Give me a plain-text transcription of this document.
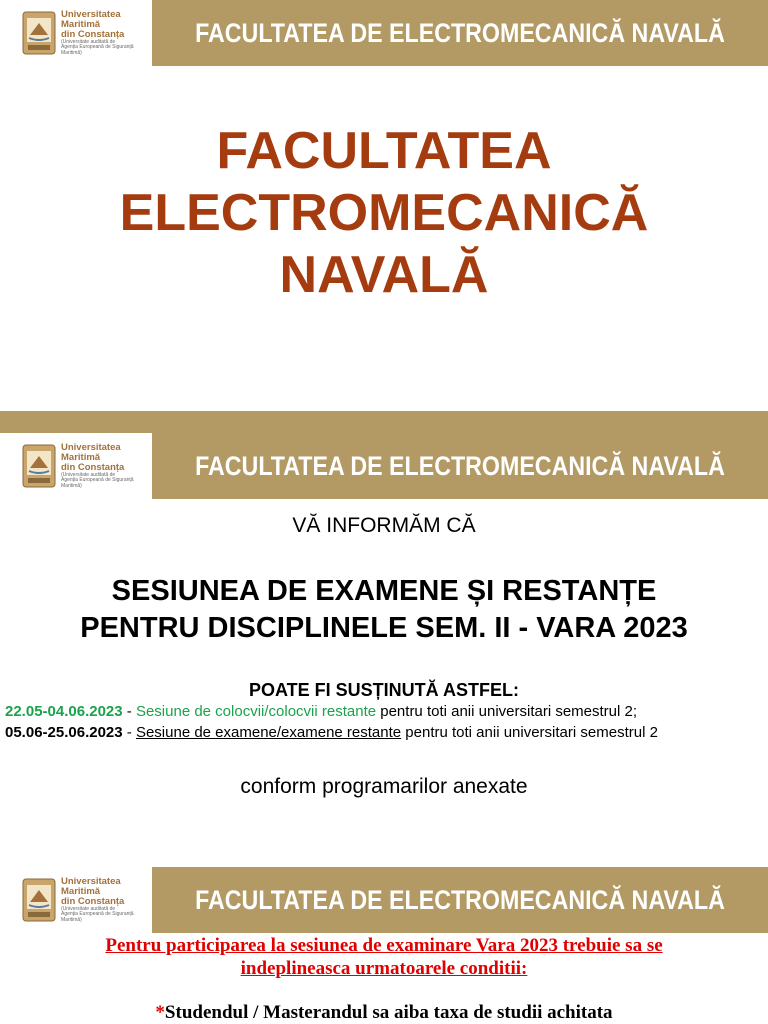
Universitatea Maritimă
din Constanța
(Universitate auditată de
Agenția Europeană de Siguranță Maritimă)
FACULTATEA DE ELECTROMECANICĂ NAVALĂ
FACULTATEA
ELECTROMECANICĂ
NAVALĂ
Universitatea Maritimă
din Constanța
(Universitate auditată de
Agenția Europeană de Siguranță Maritimă)
FACULTATEA DE ELECTROMECANICĂ NAVALĂ
VĂ INFORMĂM CĂ
SESIUNEA DE EXAMENE ȘI RESTANȚE
PENTRU DISCIPLINELE SEM. II - VARA 2023
POATE FI SUSȚINUTĂ ASTFEL:
22.05-04.06.2023 - Sesiune de colocvii/colocvii restante pentru toti anii universitari semestrul 2;
05.06-25.06.2023 - Sesiune de examene/examene restante pentru toti anii universitari semestrul 2
conform programarilor anexate
Universitatea Maritimă
din Constanța
(Universitate auditată de
Agenția Europeană de Siguranță Maritimă)
FACULTATEA DE ELECTROMECANICĂ NAVALĂ
Pentru participarea la sesiunea de examinare Vara 2023 trebuie sa se
indeplineasca urmatoarele conditii:
*Studendul / Masterandul sa aiba taxa de studii achitata
